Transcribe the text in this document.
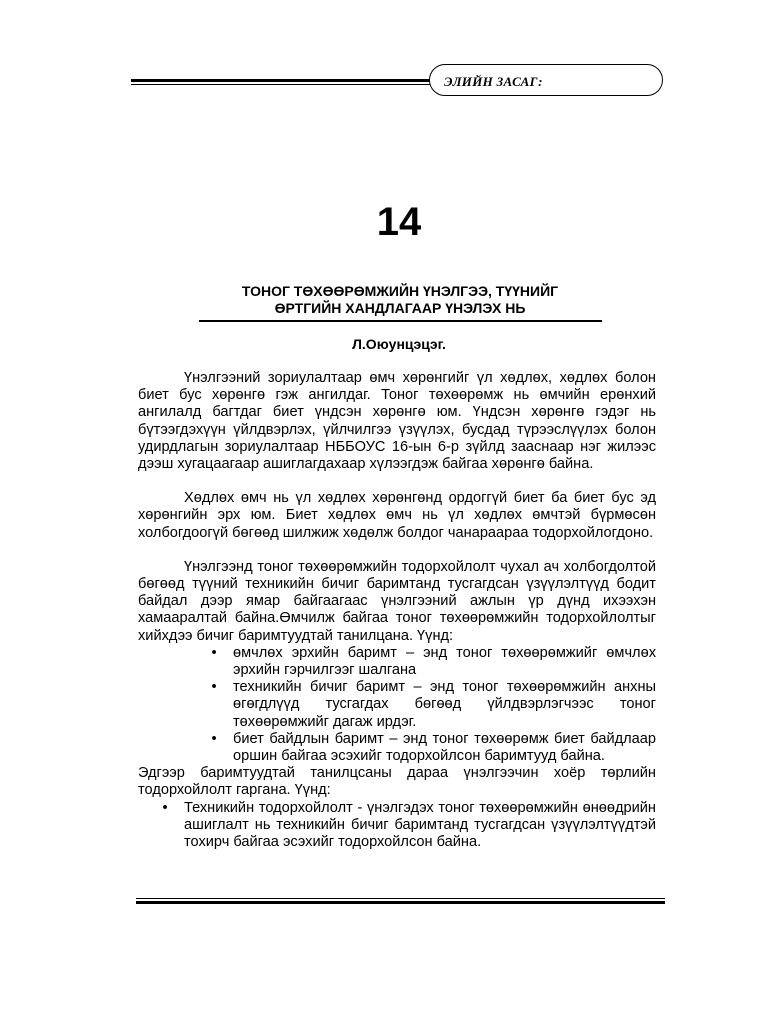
ЭЛИЙН ЗАСАГ:
14
ТОНОГ ТӨХӨӨРӨМЖИЙН ҮНЭЛГЭЭ, ТҮҮНИЙГ
ӨРТГИЙН ХАНДЛАГААР ҮНЭЛЭХ НЬ
Л.Оюунцэцэг.

Үнэлгээний зориулалтаар өмч хөрөнгийг үл хөдлөх, хөдлөх болон биет бус хөрөнгө гэж ангилдаг. Тоног төхөөрөмж нь өмчийн ерөнхий ангилалд багтдаг биет үндсэн хөрөнгө юм. Үндсэн хөрөнгө гэдэг нь бүтээгдэхүүн үйлдвэрлэх, үйлчилгээ үзүүлэх, бусдад түрээслүүлэх болон удирдлагын зориулалтаар НББОУС 16-ын 6-р зүйлд зааснаар нэг жилээс дээш хугацаагаар ашиглагдахаар хүлээгдэж байгаа хөрөнгө байна.

Хөдлөх өмч нь үл хөдлөх хөрөнгөнд ордоггүй биет ба биет бус эд хөрөнгийн эрх юм. Биет хөдлөх өмч нь үл хөдлөх өмчтэй бүрмөсөн холбогдоогүй бөгөөд шилжиж хөдөлж болдог чанараараа тодорхойлогдоно.

Үнэлгээнд тоног төхөөрөмжийн тодорхойлолт чухал ач холбогдолтой бөгөөд түүний техникийн бичиг баримтанд тусгагдсан үзүүлэлтүүд бодит байдал дээр ямар байгаагаас үнэлгээний ажлын үр дүнд ихээхэн хамааралтай байна.Өмчилж байгаа тоног төхөөрөмжийн тодорхойлолтыг хийхдээ бичиг баримтуудтай танилцана. Үүнд:

• өмчлөх эрхийн баримт – энд тоног төхөөрөмжийг өмчлөх эрхийн гэрчилгээг шалгана
• техникийн бичиг баримт – энд тоног төхөөрөмжийн анхны өгөгдлүүд тусгагдах бөгөөд үйлдвэрлэгчээс тоног төхөөрөмжийг дагаж ирдэг.
• биет байдлын баримт – энд тоног төхөөрөмж биет байдлаар оршин байгаа эсэхийг тодорхойлсон баримтууд байна.

Эдгээр баримтуудтай танилцсаны дараа үнэлгээчин хоёр төрлийн тодорхойлолт гаргана. Үүнд:

• Техникийн тодорхойлолт - үнэлгэдэх тоног төхөөрөмжийн өнөөдрийн ашиглалт нь техникийн бичиг баримтанд тусгагдсан үзүүлэлтүүдтэй тохирч байгаа эсэхийг тодорхойлсон байна.
